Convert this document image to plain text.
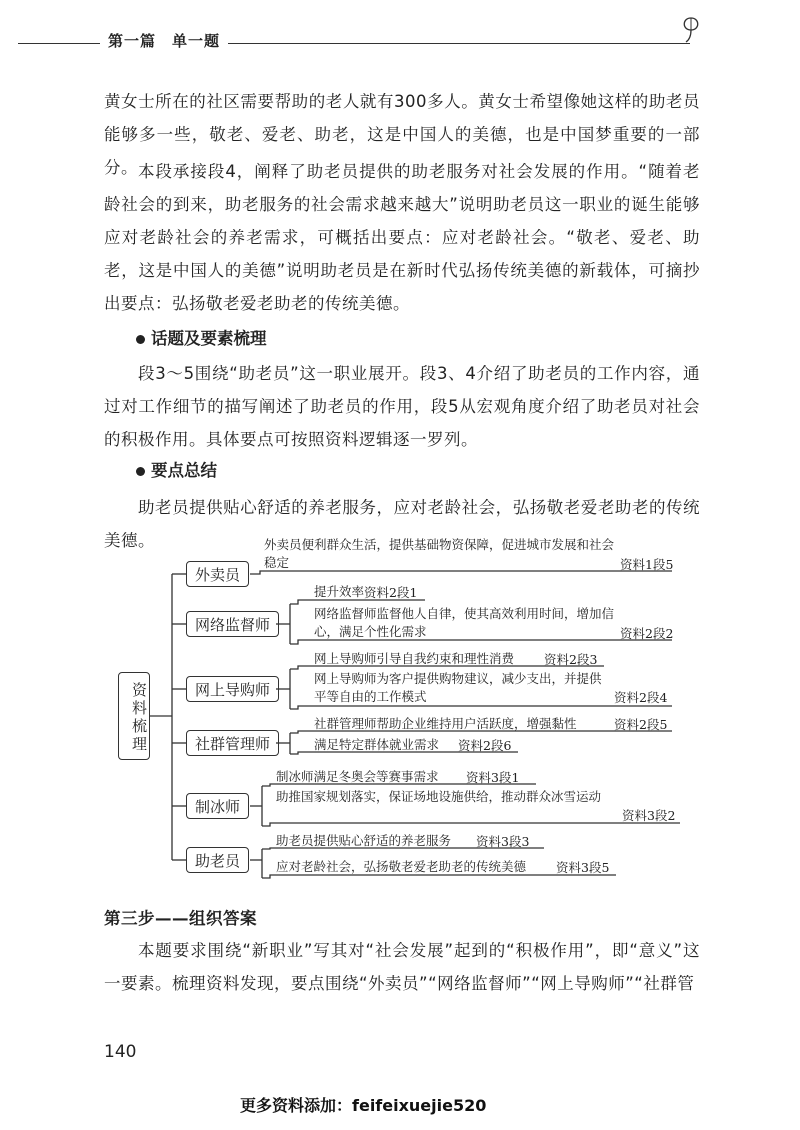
第一篇　单一题
黄女士所在的社区需要帮助的老人就有300多人。黄女士希望像她这样的助老员能够多一些，敬老、爱老、助老，这是中国人的美德，也是中国梦重要的一部分。 本段承接段4，阐释了助老员提供的助老服务对社会发展的作用。“随着老龄社会的到来，助老服务的社会需求越来越大”说明助老员这一职业的诞生能够应对老龄社会的养老需求，可概括出要点：应对老龄社会。“敬老、爱老、助老，这是中国人的美德”说明助老员是在新时代弘扬传统美德的新载体，可摘抄出要点：弘扬敬老爱老助老的传统美德。
话题及要素梳理
段3～5围绕“助老员”这一职业展开。段3、4介绍了助老员的工作内容，通过对工作细节的描写阐述了助老员的作用，段5从宏观角度介绍了助老员对社会的积极作用。具体要点可按照资料逻辑逐一罗列。
要点总结
助老员提供贴心舒适的养老服务，应对老龄社会，弘扬敬老爱老助老的传统美德。
资料梳理
外卖员
网络监督师
网上导购师
社群管理师
制冰师
助老员
外卖员便利群众生活，提供基础物资保障，促进城市发展和社会稳定	资料1段5
提升效率 资料2段1
网络监督师监督他人自律，使其高效利用时间，增加信心，满足个性化需求	资料2段2
网上导购师引导自我约束和理性消费 资料2段3
网上导购师为客户提供购物建议，减少支出，并提供平等自由的工作模式	资料2段4
社群管理师帮助企业维持用户活跃度，增强黏性	资料2段5
满足特定群体就业需求 资料2段6
制冰师满足冬奥会等赛事需求 资料3段1
助推国家规划落实，保证场地设施供给，推动群众冰雪运动
资料3段2
助老员提供贴心舒适的养老服务 资料3段3
应对老龄社会，弘扬敬老爱老助老的传统美德 资料3段5
第三步——组织答案
本题要求围绕“新职业”写其对“社会发展”起到的“积极作用”，即“意义”这一要素。梳理资料发现，要点围绕“外卖员”“网络监督师”“网上导购师”“社群管
140
更多资料添加：feifeixuejie520
